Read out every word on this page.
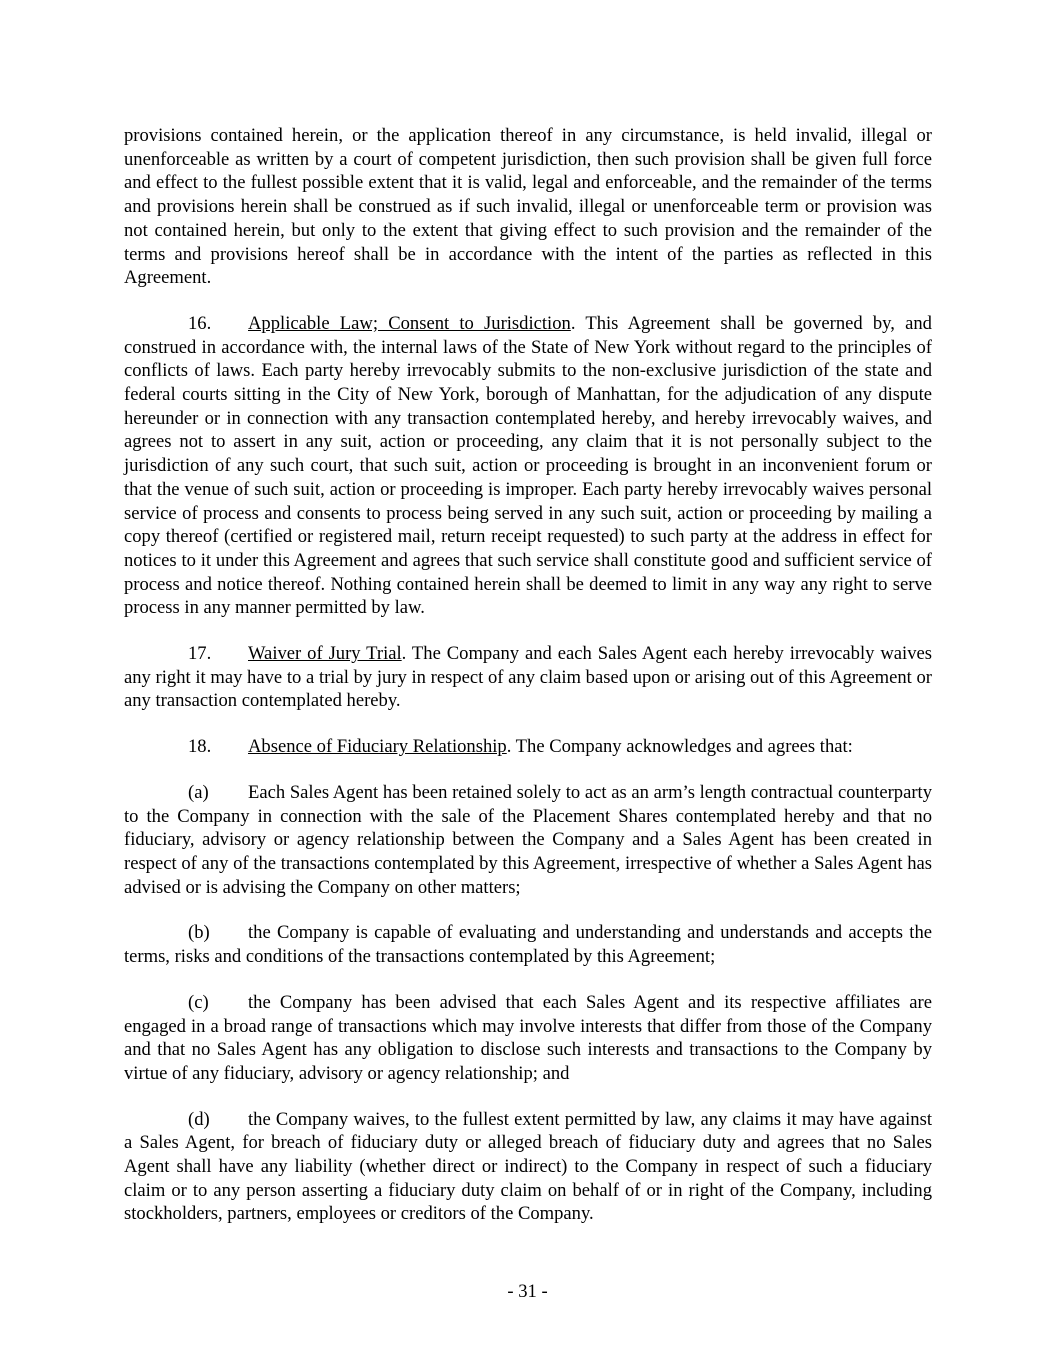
provisions contained herein, or the application thereof in any circumstance, is held invalid, illegal or unenforceable as written by a court of competent jurisdiction, then such provision shall be given full force and effect to the fullest possible extent that it is valid, legal and enforceable, and the remainder of the terms and provisions herein shall be construed as if such invalid, illegal or unenforceable term or provision was not contained herein, but only to the extent that giving effect to such provision and the remainder of the terms and provisions hereof shall be in accordance with the intent of the parties as reflected in this Agreement.

16. Applicable Law; Consent to Jurisdiction. This Agreement shall be governed by, and construed in accordance with, the internal laws of the State of New York without regard to the principles of conflicts of laws. Each party hereby irrevocably submits to the non-exclusive jurisdiction of the state and federal courts sitting in the City of New York, borough of Manhattan, for the adjudication of any dispute hereunder or in connection with any transaction contemplated hereby, and hereby irrevocably waives, and agrees not to assert in any suit, action or proceeding, any claim that it is not personally subject to the jurisdiction of any such court, that such suit, action or proceeding is brought in an inconvenient forum or that the venue of such suit, action or proceeding is improper. Each party hereby irrevocably waives personal service of process and consents to process being served in any such suit, action or proceeding by mailing a copy thereof (certified or registered mail, return receipt requested) to such party at the address in effect for notices to it under this Agreement and agrees that such service shall constitute good and sufficient service of process and notice thereof. Nothing contained herein shall be deemed to limit in any way any right to serve process in any manner permitted by law.

17. Waiver of Jury Trial. The Company and each Sales Agent each hereby irrevocably waives any right it may have to a trial by jury in respect of any claim based upon or arising out of this Agreement or any transaction contemplated hereby.

18. Absence of Fiduciary Relationship. The Company acknowledges and agrees that:

(a) Each Sales Agent has been retained solely to act as an arm’s length contractual counterparty to the Company in connection with the sale of the Placement Shares contemplated hereby and that no fiduciary, advisory or agency relationship between the Company and a Sales Agent has been created in respect of any of the transactions contemplated by this Agreement, irrespective of whether a Sales Agent has advised or is advising the Company on other matters;

(b) the Company is capable of evaluating and understanding and understands and accepts the terms, risks and conditions of the transactions contemplated by this Agreement;

(c) the Company has been advised that each Sales Agent and its respective affiliates are engaged in a broad range of transactions which may involve interests that differ from those of the Company and that no Sales Agent has any obligation to disclose such interests and transactions to the Company by virtue of any fiduciary, advisory or agency relationship; and

(d) the Company waives, to the fullest extent permitted by law, any claims it may have against a Sales Agent, for breach of fiduciary duty or alleged breach of fiduciary duty and agrees that no Sales Agent shall have any liability (whether direct or indirect) to the Company in respect of such a fiduciary claim or to any person asserting a fiduciary duty claim on behalf of or in right of the Company, including stockholders, partners, employees or creditors of the Company.

- 31 -
